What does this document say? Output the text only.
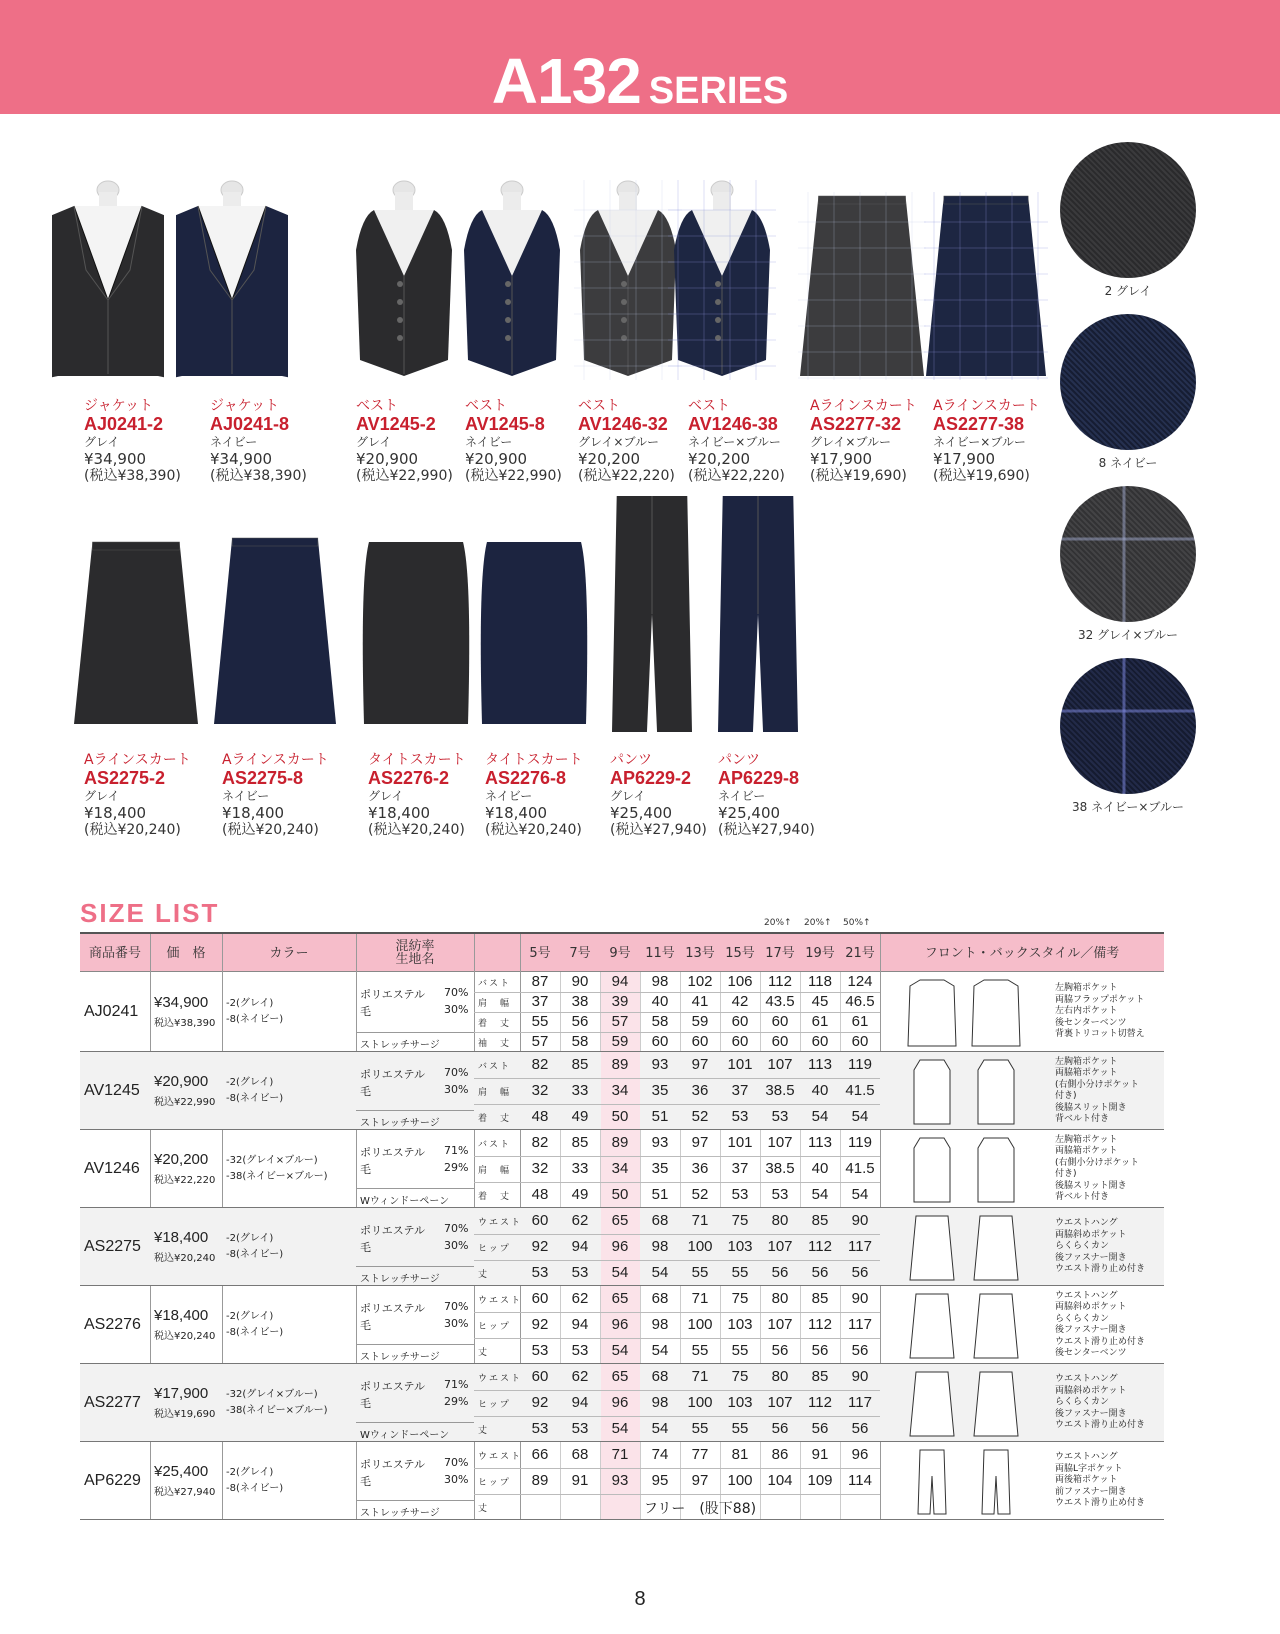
A132 SERIES
ジャケット
AJ0241-2
グレイ
¥34,900
(税込¥38,390)
ジャケット
AJ0241-8
ネイビー
¥34,900
(税込¥38,390)
ベスト
AV1245-2
グレイ
¥20,900
(税込¥22,990)
ベスト
AV1245-8
ネイビー
¥20,900
(税込¥22,990)
ベスト
AV1246-32
グレイ×ブルー
¥20,200
(税込¥22,220)
ベスト
AV1246-38
ネイビー×ブルー
¥20,200
(税込¥22,220)
Aラインスカート
AS2277-32
グレイ×ブルー
¥17,900
(税込¥19,690)
Aラインスカート
AS2277-38
ネイビー×ブルー
¥17,900
(税込¥19,690)
Aラインスカート
AS2275-2
グレイ
¥18,400
(税込¥20,240)
Aラインスカート
AS2275-8
ネイビー
¥18,400
(税込¥20,240)
タイトスカート
AS2276-2
グレイ
¥18,400
(税込¥20,240)
タイトスカート
AS2276-8
ネイビー
¥18,400
(税込¥20,240)
パンツ
AP6229-2
グレイ
¥25,400
(税込¥27,940)
パンツ
AP6229-8
ネイビー
¥25,400
(税込¥27,940)
2 グレイ
8 ネイビー
32 グレイ×ブルー
38 ネイビー×ブルー
SIZE LIST	20%↑ 20%↑ 50%↑
商品番号	価　格	カラー	混紡率
生地名	5号	7号	9号	11号 13号 15号 17号 19号 21号	フロント・バックスタイル／備考
AJ0241
¥34,900
税込¥38,390
-2(グレイ)
-8(ネイビー)
ポリエステル 70%
毛	30%
ストレッチサージ
バスト	87	90	94	98	102 106	112	118	124
肩　幅	37	38	39	40	41	42	43.5	45	46.5
着　丈	55	56	57	58	59	60	60	61	61
袖　丈	57	58	59	60	60	60	60	60	60
左胸箱ポケット
両脇フラップポケット
左右内ポケット
後センターベンツ
背裏トリコット切替え
AV1245
¥20,900
税込¥22,990
-2(グレイ)
-8(ネイビー)
ポリエステル 70%
毛	30%
ストレッチサージ
バスト	82	85	89	93	97	101 107	113	119
肩　幅	32	33	34	35	36	37	38.5	40	41.5
着　丈	48	49	50	51	52	53	53	54	54
左胸箱ポケット
両脇箱ポケット
(右側小分けポケット
付き)
後脇スリット開き
背ベルト付き
AV1246
¥20,200
税込¥22,220
-32(グレイ×ブルー)
-38(ネイビー×ブルー)
ポリエステル 71%
毛	29%
Wウィンドーペーン
バスト	82	85	89	93	97	101 107	113	119
肩　幅	32	33	34	35	36	37	38.5	40	41.5
着　丈	48	49	50	51	52	53	53	54	54
左胸箱ポケット
両脇箱ポケット
(右側小分けポケット
付き)
後脇スリット開き
背ベルト付き
AS2275
¥18,400
税込¥20,240
-2(グレイ)
-8(ネイビー)
ポリエステル 70%
毛	30%
ストレッチサージ
ウエスト 60	62	65	68	71	75	80	85	90
ヒップ	92	94	96	98	100 103 107	112	117
丈	53	53	54	54	55	55	56	56	56
ウエストハング
両脇斜めポケット
らくらくカン
後ファスナー開き
ウエスト滑り止め付き
AS2276
¥18,400
税込¥20,240
-2(グレイ)
-8(ネイビー)
ポリエステル 70%
毛	30%
ストレッチサージ
ウエスト 60	62	65	68	71	75	80	85	90
ヒップ	92	94	96	98	100 103 107	112	117
丈	53	53	54	54	55	55	56	56	56
ウエストハング
両脇斜めポケット
らくらくカン
後ファスナー開き
ウエスト滑り止め付き
後センターベンツ
AS2277
¥17,900
税込¥19,690
-32(グレイ×ブルー)
-38(ネイビー×ブルー)
ポリエステル 71%
毛	29%
Wウィンドーペーン
ウエスト 60	62	65	68	71	75	80	85	90
ヒップ	92	94	96	98	100 103 107	112	117
丈	53	53	54	54	55	55	56	56	56
ウエストハング
両脇斜めポケット
らくらくカン
後ファスナー開き
ウエスト滑り止め付き
AP6229
¥25,400
税込¥27,940
-2(グレイ)
-8(ネイビー)
ポリエステル 70%
毛	30%
ストレッチサージ
ウエスト 66	68	71	74	77	81	86	91	96
ヒップ	89	91	93	95	97	100 104 109	114
丈	フリー　(股下88)
ウエストハング
両脇L字ポケット
両後箱ポケット
前ファスナー開き
ウエスト滑り止め付き
8
